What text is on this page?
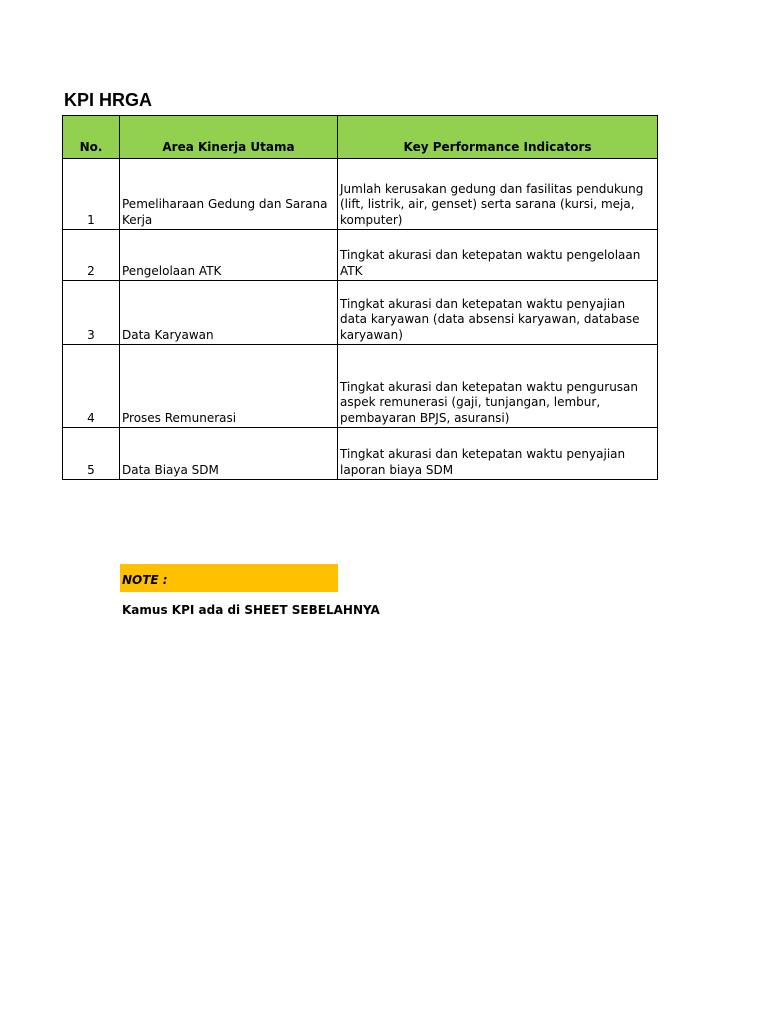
KPI HRGA
No.	Area Kinerja Utama	Key Performance Indicators
1	Pemeliharaan Gedung dan Sarana Kerja	Jumlah kerusakan gedung dan fasilitas pendukung (lift, listrik, air, genset) serta sarana (kursi, meja, komputer)
2	Pengelolaan ATK	Tingkat akurasi dan ketepatan waktu pengelolaan ATK
3	Data Karyawan	Tingkat akurasi dan ketepatan waktu penyajian data karyawan (data absensi karyawan, database karyawan)
4	Proses Remunerasi	Tingkat akurasi dan ketepatan waktu pengurusan aspek remunerasi (gaji, tunjangan, lembur, pembayaran BPJS, asuransi)
5	Data Biaya SDM	Tingkat akurasi dan ketepatan waktu penyajian laporan biaya SDM
NOTE :
Kamus KPI ada di SHEET SEBELAHNYA
